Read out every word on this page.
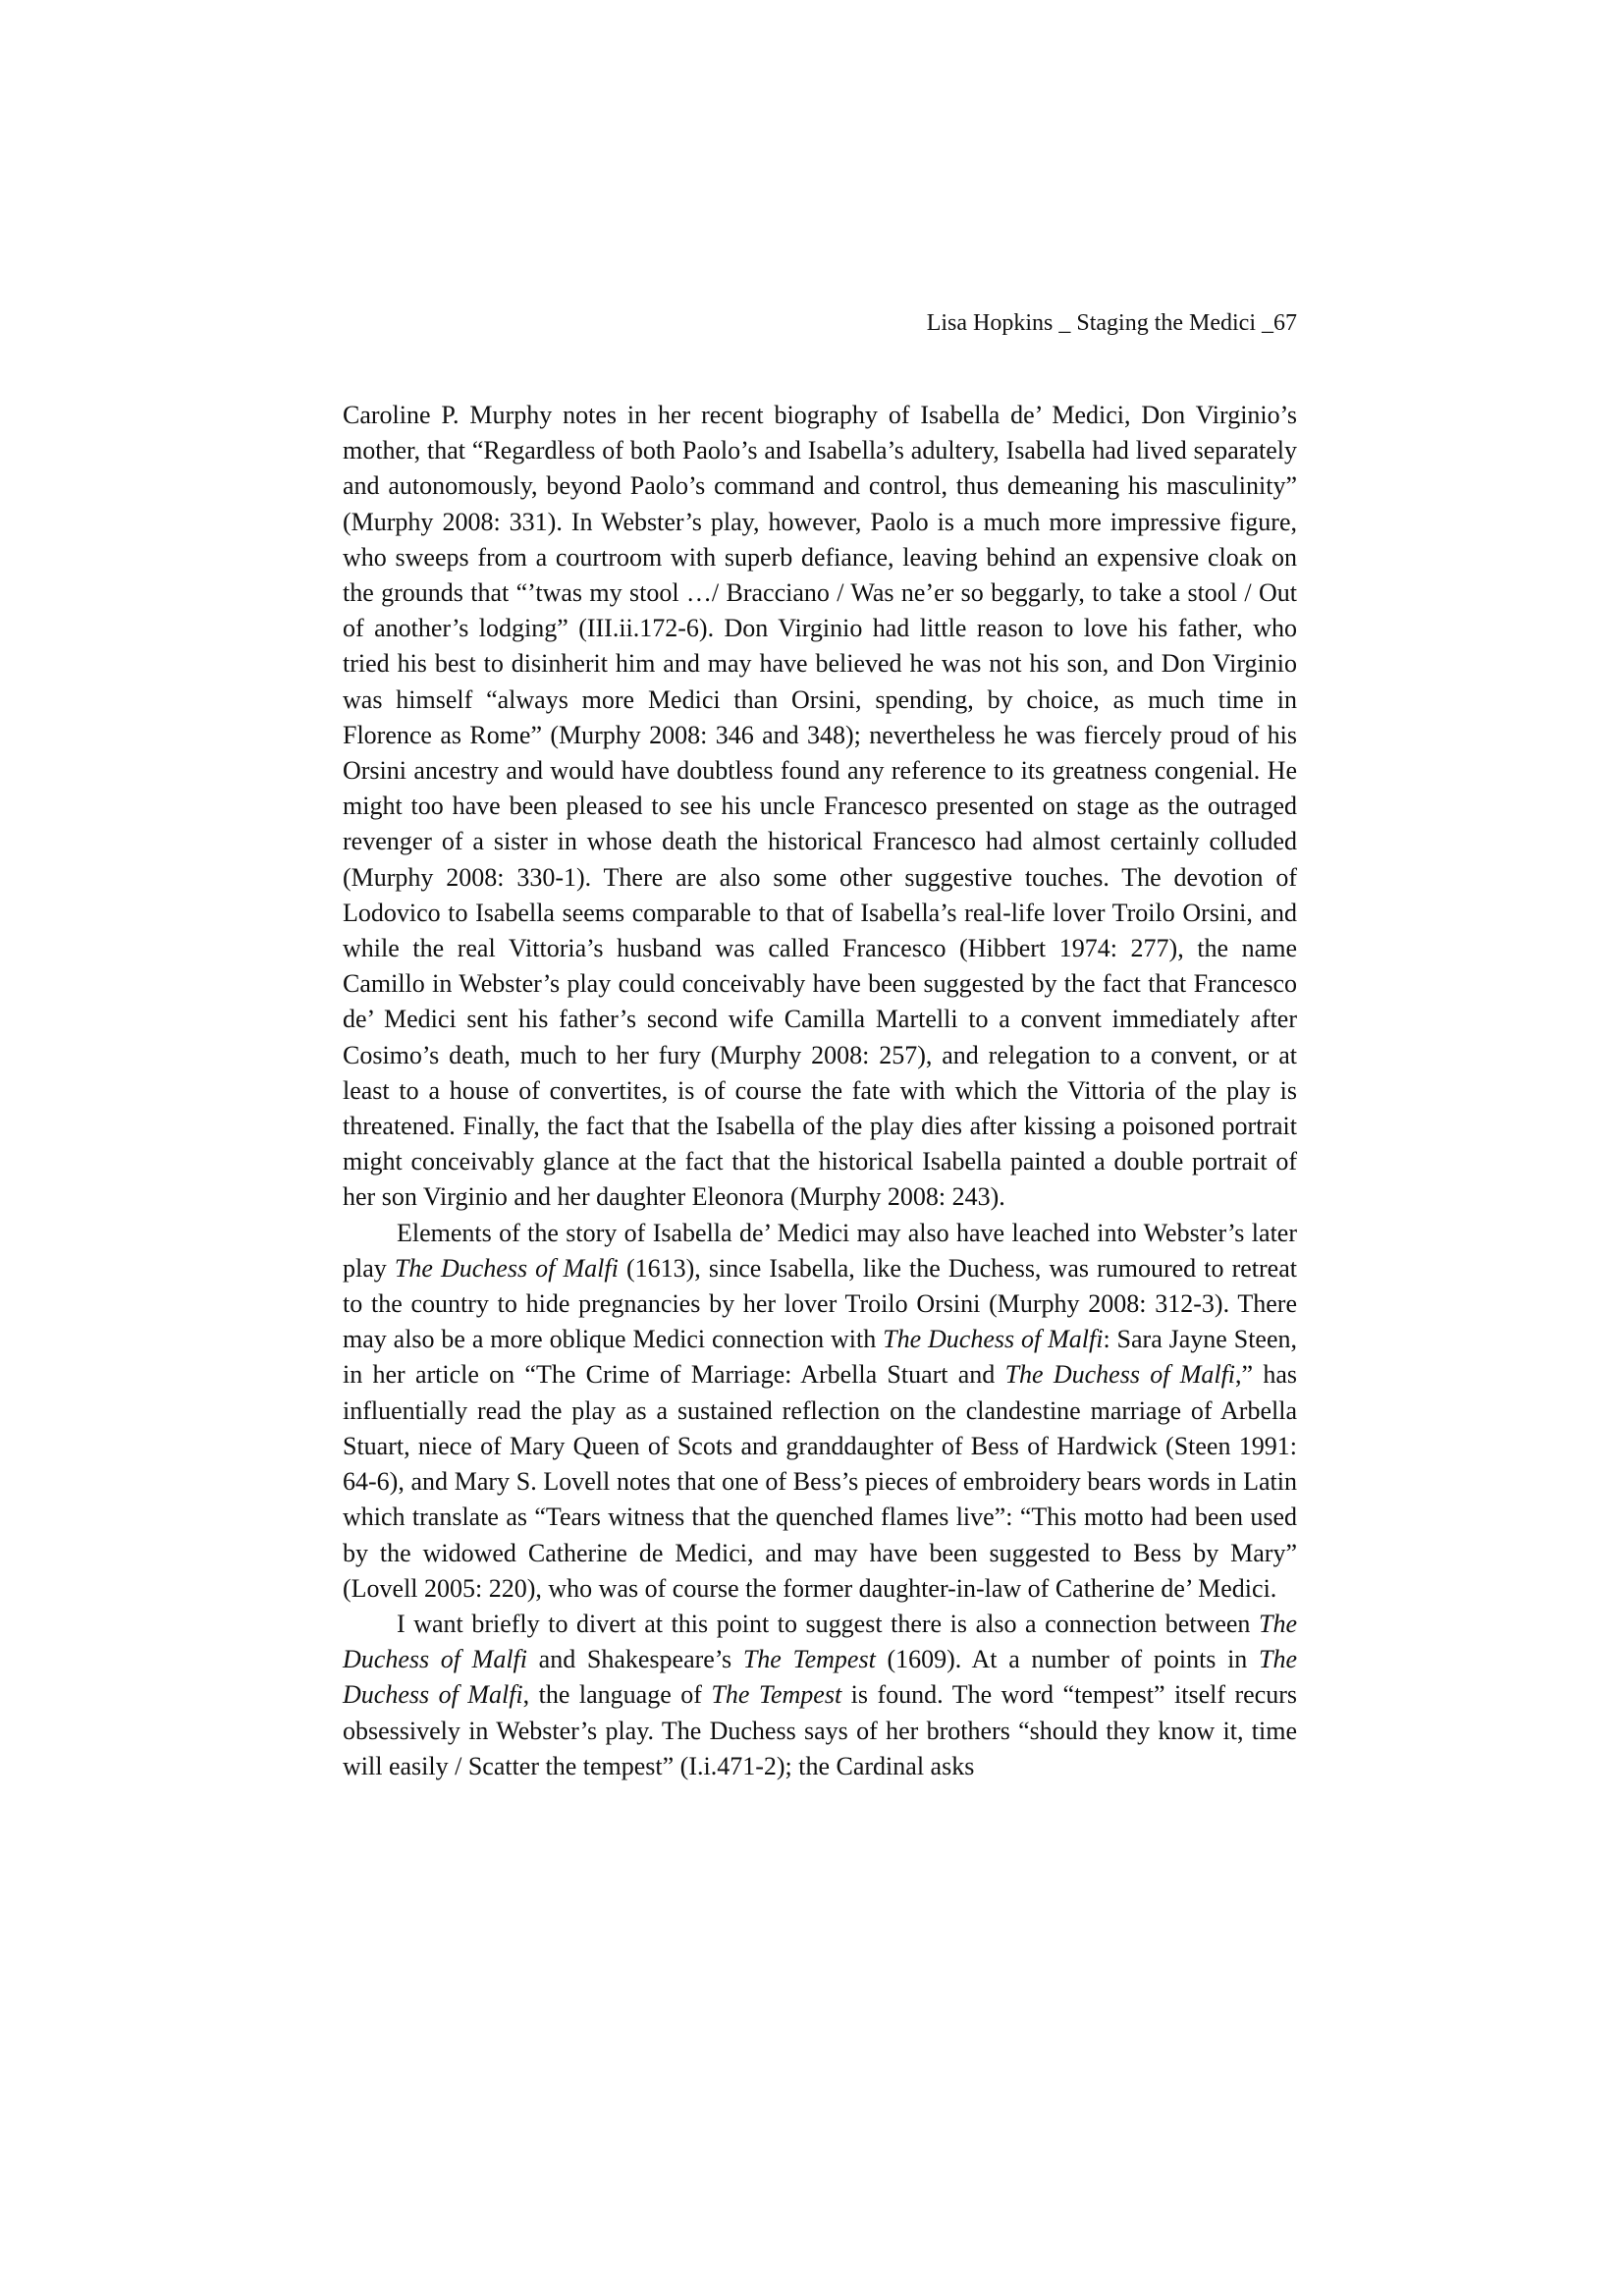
Lisa Hopkins _ Staging the Medici _67

Caroline P. Murphy notes in her recent biography of Isabella de’ Medici, Don Virginio’s mother, that “Regardless of both Paolo’s and Isabella’s adultery, Isabella had lived separately and autonomously, beyond Paolo’s command and control, thus demeaning his masculinity” (Murphy 2008: 331). In Webster’s play, however, Paolo is a much more impressive figure, who sweeps from a courtroom with superb defiance, leaving behind an expensive cloak on the grounds that “’twas my stool …/ Bracciano / Was ne’er so beggarly, to take a stool / Out of another’s lodging” (III.ii.172-6). Don Virginio had little reason to love his father, who tried his best to disinherit him and may have believed he was not his son, and Don Virginio was himself “always more Medici than Orsini, spending, by choice, as much time in Florence as Rome” (Murphy 2008: 346 and 348); nevertheless he was fiercely proud of his Orsini ancestry and would have doubtless found any reference to its greatness congenial. He might too have been pleased to see his uncle Francesco presented on stage as the outraged revenger of a sister in whose death the historical Francesco had almost certainly colluded (Murphy 2008: 330-1). There are also some other suggestive touches. The devotion of Lodovico to Isabella seems comparable to that of Isabella’s real-life lover Troilo Orsini, and while the real Vittoria’s husband was called Francesco (Hibbert 1974: 277), the name Camillo in Webster’s play could conceivably have been suggested by the fact that Francesco de’ Medici sent his father’s second wife Camilla Martelli to a convent immediately after Cosimo’s death, much to her fury (Murphy 2008: 257), and relegation to a convent, or at least to a house of convertites, is of course the fate with which the Vittoria of the play is threatened. Finally, the fact that the Isabella of the play dies after kissing a poisoned portrait might conceivably glance at the fact that the historical Isabella painted a double portrait of her son Virginio and her daughter Eleonora (Murphy 2008: 243).

Elements of the story of Isabella de’ Medici may also have leached into Webster’s later play The Duchess of Malfi (1613), since Isabella, like the Duchess, was rumoured to retreat to the country to hide pregnancies by her lover Troilo Orsini (Murphy 2008: 312-3). There may also be a more oblique Medici connection with The Duchess of Malfi: Sara Jayne Steen, in her article on “The Crime of Marriage: Arbella Stuart and The Duchess of Malfi,” has influentially read the play as a sustained reflection on the clandestine marriage of Arbella Stuart, niece of Mary Queen of Scots and granddaughter of Bess of Hardwick (Steen 1991: 64-6), and Mary S. Lovell notes that one of Bess’s pieces of embroidery bears words in Latin which translate as “Tears witness that the quenched flames live”: “This motto had been used by the widowed Catherine de Medici, and may have been suggested to Bess by Mary” (Lovell 2005: 220), who was of course the former daughter-in-law of Catherine de’ Medici.

I want briefly to divert at this point to suggest there is also a connection between The Duchess of Malfi and Shakespeare’s The Tempest (1609). At a number of points in The Duchess of Malfi, the language of The Tempest is found. The word “tempest” itself recurs obsessively in Webster’s play. The Duchess says of her brothers “should they know it, time will easily / Scatter the tempest” (I.i.471-2); the Cardinal asks
